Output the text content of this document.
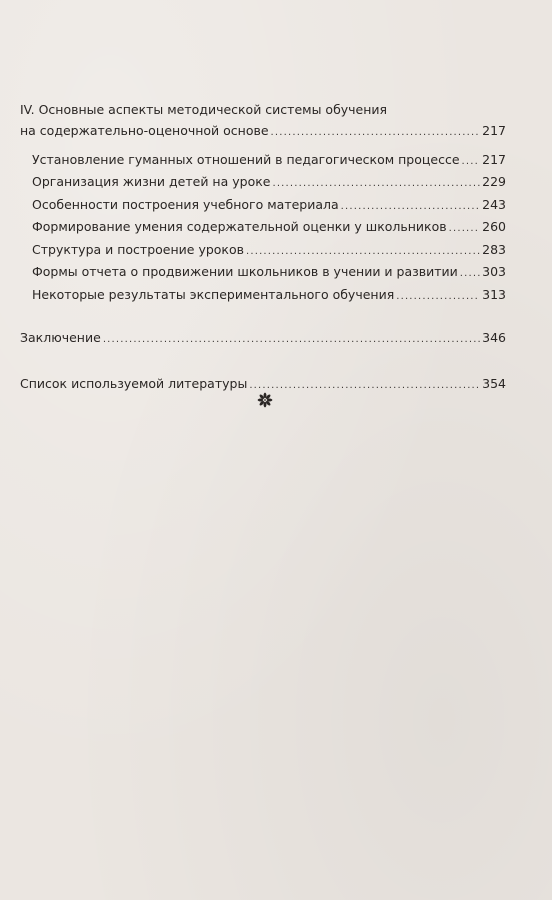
IV. Основные аспекты методической системы обучения
на содержательно-оценочной основе . . .	217
Установление гуманных отношений в педагогическом процессе . . . 217
Организация жизни детей на уроке . . .	229
Особенности построения учебного материала . . .	243
Формирование умения содержательной оценки у школьников . . .	260
Структура и построение уроков . . .	283
Формы отчета о продвижении школьников в учении и развитии . . . 303
Некоторые результаты экспериментального обучения . . .	313
Заключение . . .	346
Список используемой литературы . . .	354
